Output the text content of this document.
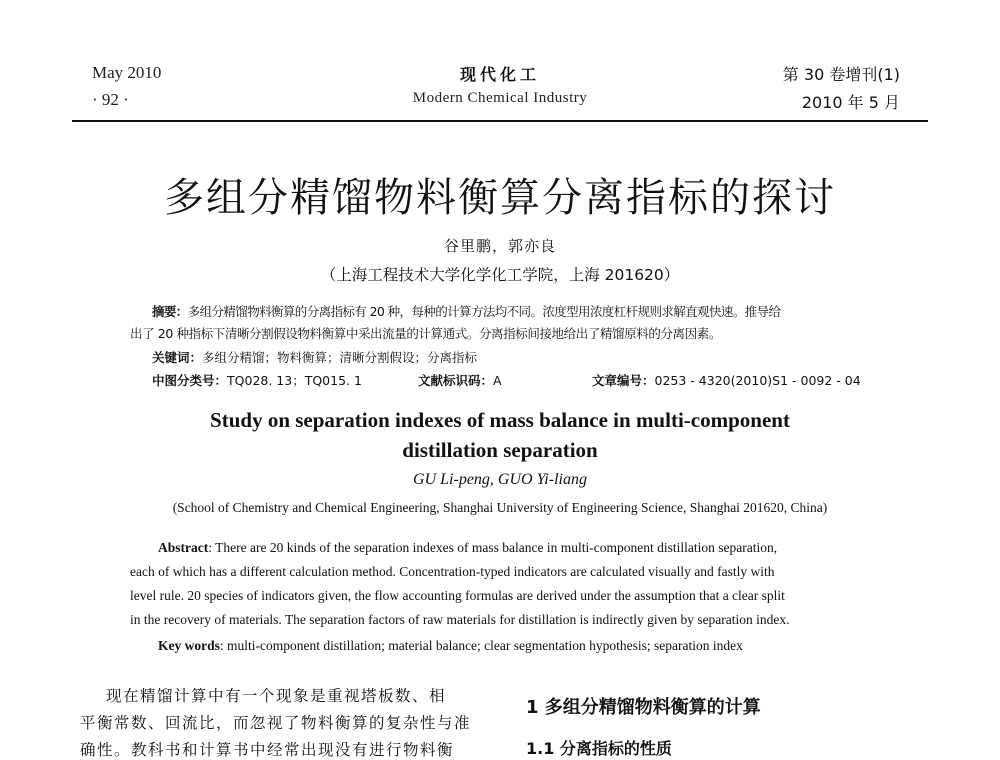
May 2010
· 92 ·
现代化工
Modern Chemical Industry
第 30 卷增刊(1)
2010 年 5 月
多组分精馏物料衡算分离指标的探讨
谷里鹏，郭亦良
（上海工程技术大学化学化工学院，上海 201620）
摘要：多组分精馏物料衡算的分离指标有 20 种，每种的计算方法均不同。浓度型用浓度杠杆规则求解直观快速。推导给
出了 20 种指标下清晰分割假设物料衡算中采出流量的计算通式。分离指标间接地给出了精馏原料的分离因素。
关键词：多组分精馏；物料衡算；清晰分割假设；分离指标
中图分类号：TQ028. 13；TQ015. 1	文献标识码：A	文章编号：0253 - 4320(2010)S1 - 0092 - 04
Study on separation indexes of mass balance in multi-component
distillation separation
GU Li-peng, GUO Yi-liang
(School of Chemistry and Chemical Engineering, Shanghai University of Engineering Science, Shanghai 201620, China)
Abstract: There are 20 kinds of the separation indexes of mass balance in multi-component distillation separation,
each of which has a different calculation method. Concentration-typed indicators are calculated visually and fastly with
level rule. 20 species of indicators given, the flow accounting formulas are derived under the assumption that a clear split
in the recovery of materials. The separation factors of raw materials for distillation is indirectly given by separation index.
Key words: multi-component distillation; material balance; clear segmentation hypothesis; separation index
现在精馏计算中有一个现象是重视塔板数、相
平衡常数、回流比，而忽视了物料衡算的复杂性与准
确性。教科书和计算书中经常出现没有进行物料衡
1 多组分精馏物料衡算的计算
1.1 分离指标的性质
